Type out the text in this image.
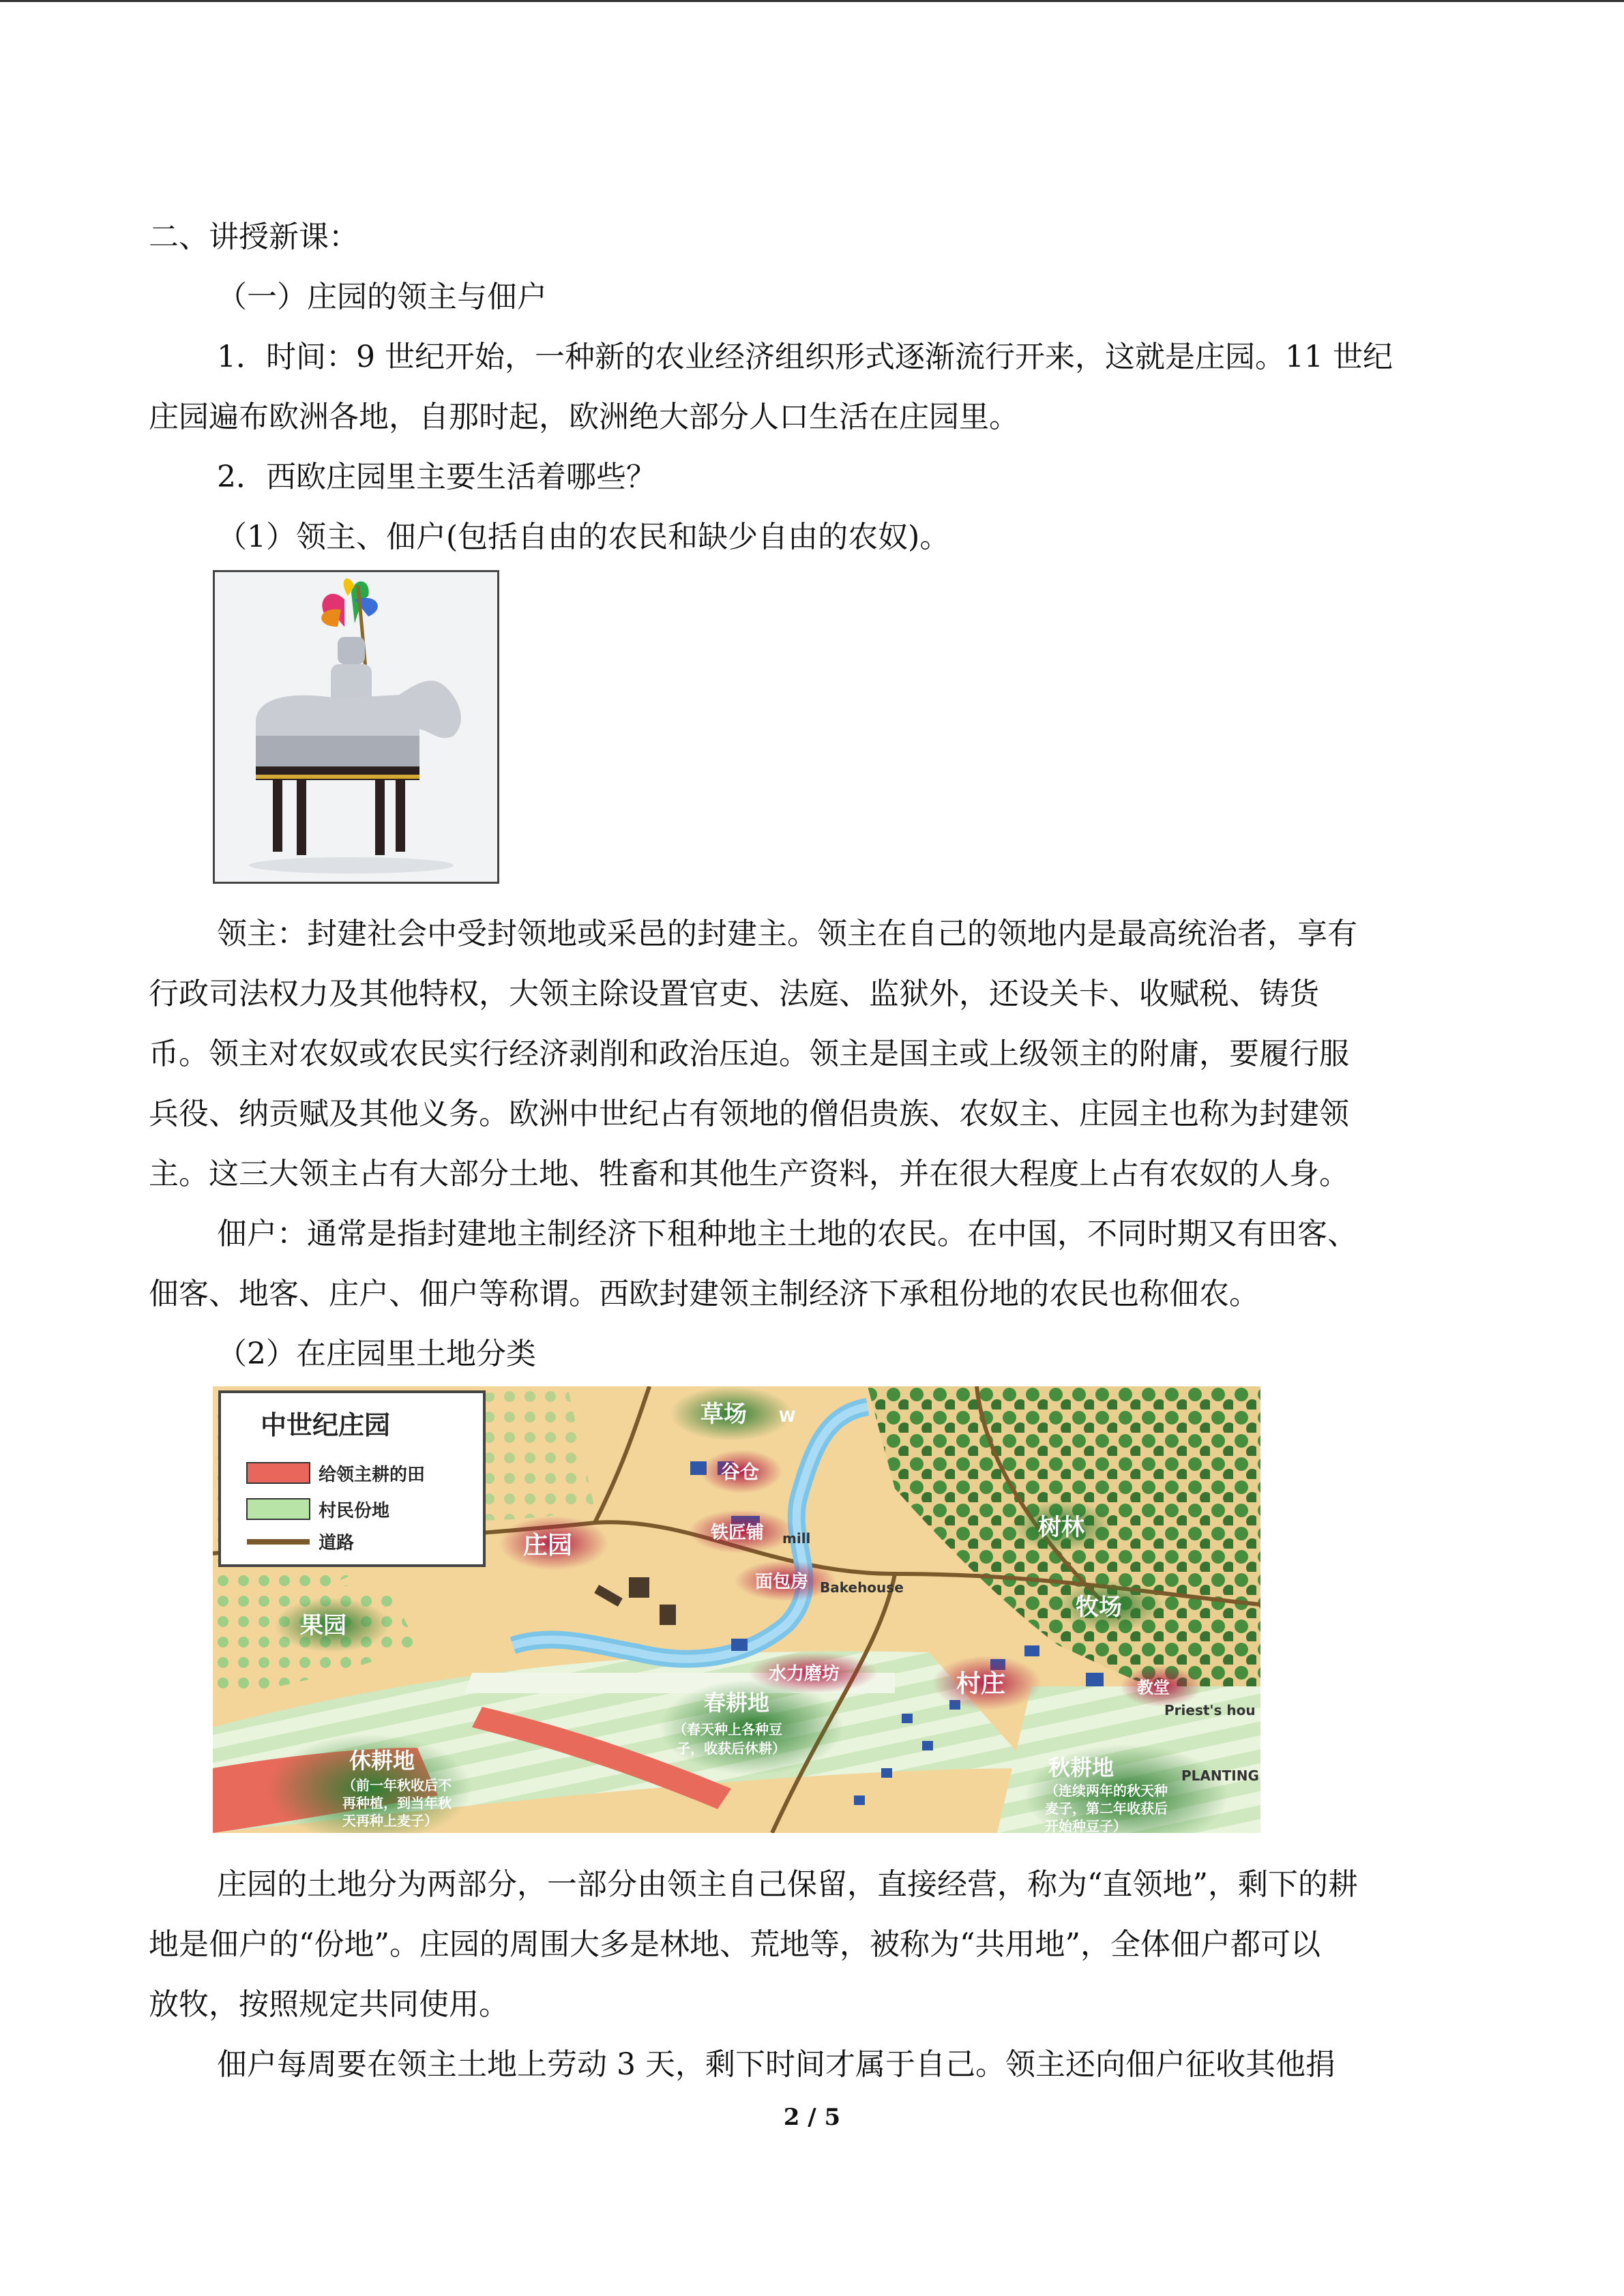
二、讲授新课：
（一）庄园的领主与佃户
1．时间：9 世纪开始，一种新的农业经济组织形式逐渐流行开来，这就是庄园。11 世纪
庄园遍布欧洲各地，自那时起，欧洲绝大部分人口生活在庄园里。
2．西欧庄园里主要生活着哪些？
（1）领主、佃户(包括自由的农民和缺少自由的农奴)。
领主：封建社会中受封领地或采邑的封建主。领主在自己的领地内是最高统治者，享有
行政司法权力及其他特权，大领主除设置官吏、法庭、监狱外，还设关卡、收赋税、铸货
币。领主对农奴或农民实行经济剥削和政治压迫。领主是国主或上级领主的附庸，要履行服
兵役、纳贡赋及其他义务。欧洲中世纪占有领地的僧侣贵族、农奴主、庄园主也称为封建领
主。这三大领主占有大部分土地、牲畜和其他生产资料，并在很大程度上占有农奴的人身。
佃户：通常是指封建地主制经济下租种地主土地的农民。在中国，不同时期又有田客、
佃客、地客、庄户、佃户等称谓。西欧封建领主制经济下承租份地的农民也称佃农。
（2）在庄园里土地分类
中世纪庄园
给领主耕的田
村民份地
道路
草场 W
谷仓
庄园	铁匠铺 mill
面包房 Bakehouse
树林
果园
牧场
水力磨坊	村庄	教堂
Priest's hou
春耕地
（春天种上各种豆
子，收获后休耕）
休耕地
（前一年秋收后不
再种植，到当年秋
天再种上麦子）
秋耕地	PLANTING
（连续两年的秋天种
麦子，第二年收获后
开始种豆子）
庄园的土地分为两部分，一部分由领主自己保留，直接经营，称为“直领地”，剩下的耕
地是佃户的“份地”。庄园的周围大多是林地、荒地等，被称为“共用地”，全体佃户都可以
放牧，按照规定共同使用。
佃户每周要在领主土地上劳动 3 天，剩下时间才属于自己。领主还向佃户征收其他捐
2 / 5
